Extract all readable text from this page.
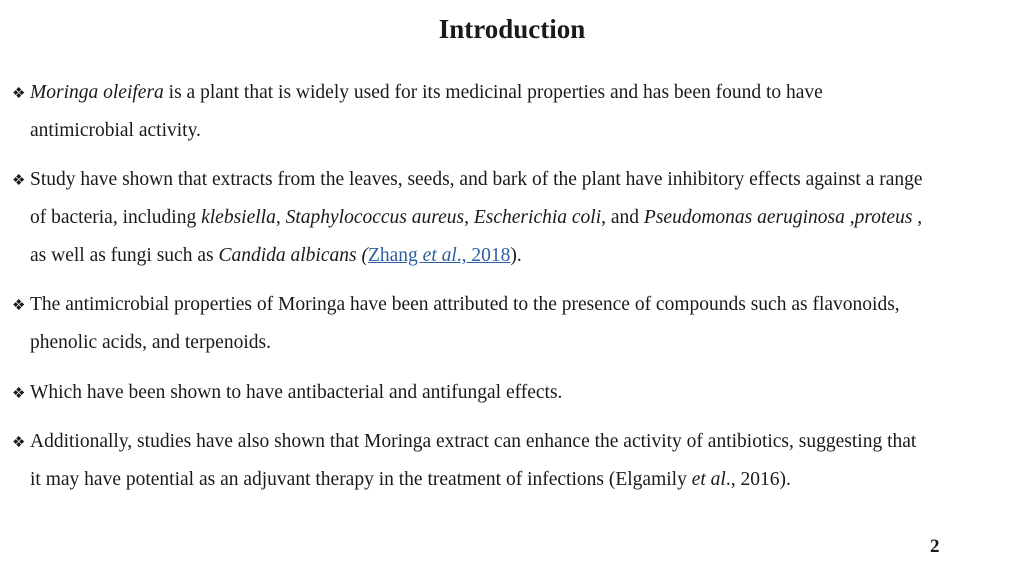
Introduction
❖ Moringa oleifera is a plant that is widely used for its medicinal properties and has been found to have
antimicrobial activity.
❖ Study have shown that extracts from the leaves, seeds, and bark of the plant have inhibitory effects against a range
of bacteria, including klebsiella, Staphylococcus aureus, Escherichia coli, and Pseudomonas aeruginosa ,proteus ,
as well as fungi such as Candida albicans (Zhang et al., 2018).
❖ The antimicrobial properties of Moringa have been attributed to the presence of compounds such as flavonoids,
phenolic acids, and terpenoids.
❖ Which have been shown to have antibacterial and antifungal effects.
❖ Additionally, studies have also shown that Moringa extract can enhance the activity of antibiotics, suggesting that
it may have potential as an adjuvant therapy in the treatment of infections (Elgamily et al., 2016).
2
